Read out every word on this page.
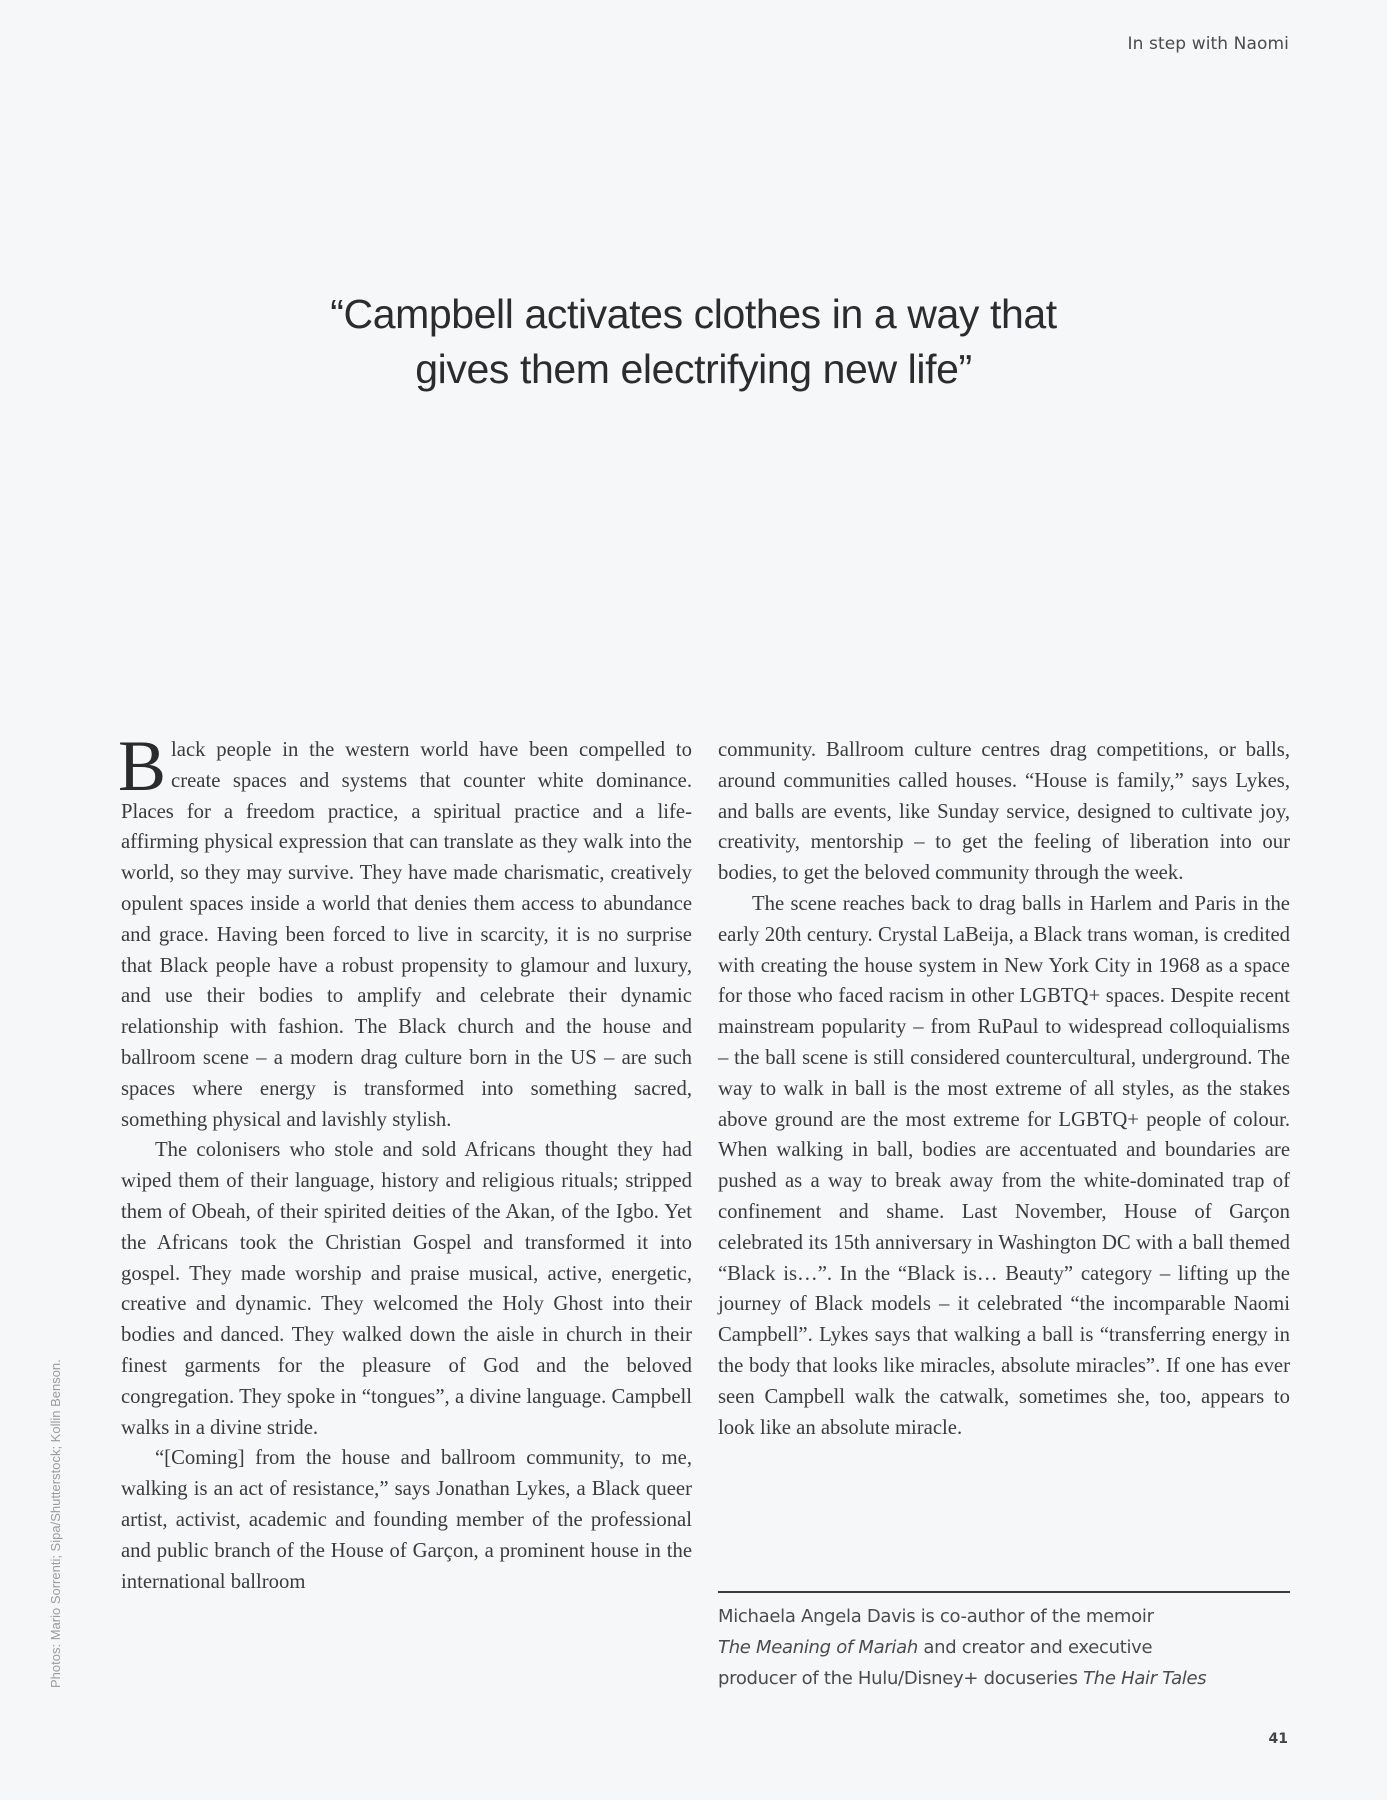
In step with Naomi
“Campbell activates clothes in a way that
gives them electrifying new life”

Black people in the western world have been compelled to create spaces and systems that counter white dominance. Places for a freedom practice, a spiritual practice and a life-affirming physical expression that can translate as they walk into the world, so they may survive. They have made charismatic, creatively opulent spaces inside a world that denies them access to abundance and grace. Having been forced to live in scarcity, it is no surprise that Black people have a robust propensity to glamour and luxury, and use their bodies to amplify and celebrate their dynamic relationship with fashion. The Black church and the house and ballroom scene – a modern drag culture born in the US – are such spaces where energy is transformed into something sacred, something physical and lavishly stylish.

The colonisers who stole and sold Africans thought they had wiped them of their language, history and religious rituals; stripped them of Obeah, of their spirited deities of the Akan, of the Igbo. Yet the Africans took the Christian Gospel and transformed it into gospel. They made worship and praise musical, active, energetic, creative and dynamic. They welcomed the Holy Ghost into their bodies and danced. They walked down the aisle in church in their finest garments for the pleasure of God and the beloved congregation. They spoke in “tongues”, a divine language. Campbell walks in a divine stride.

“[Coming] from the house and ballroom community, to me, walking is an act of resistance,” says Jonathan Lykes, a Black queer artist, activist, academic and founding member of the professional and public branch of the House of Garçon, a prominent house in the international ballroom

community. Ballroom culture centres drag competitions, or balls, around communities called houses. “House is family,” says Lykes, and balls are events, like Sunday service, designed to cultivate joy, creativity, mentorship – to get the feeling of liberation into our bodies, to get the beloved community through the week.

The scene reaches back to drag balls in Harlem and Paris in the early 20th century. Crystal LaBeija, a Black trans woman, is credited with creating the house system in New York City in 1968 as a space for those who faced racism in other LGBTQ+ spaces. Despite recent mainstream popularity – from RuPaul to widespread colloquialisms – the ball scene is still considered countercultural, underground. The way to walk in ball is the most extreme of all styles, as the stakes above ground are the most extreme for LGBTQ+ people of colour. When walking in ball, bodies are accentuated and boundaries are pushed as a way to break away from the white-dominated trap of confinement and shame. Last November, House of Garçon celebrated its 15th anniversary in Washington DC with a ball themed “Black is…”. In the “Black is… Beauty” category – lifting up the journey of Black models – it celebrated “the incomparable Naomi Campbell”. Lykes says that walking a ball is “transferring energy in the body that looks like miracles, absolute miracles”. If one has ever seen Campbell walk the catwalk, sometimes she, too, appears to look like an absolute miracle.

Michaela Angela Davis is co-author of the memoir
The Meaning of Mariah and creator and executive
producer of the Hulu/Disney+ docuseries The Hair Tales
Photos: Mario Sorrenti; Sipa/Shutterstock; Kollin Benson.
41
